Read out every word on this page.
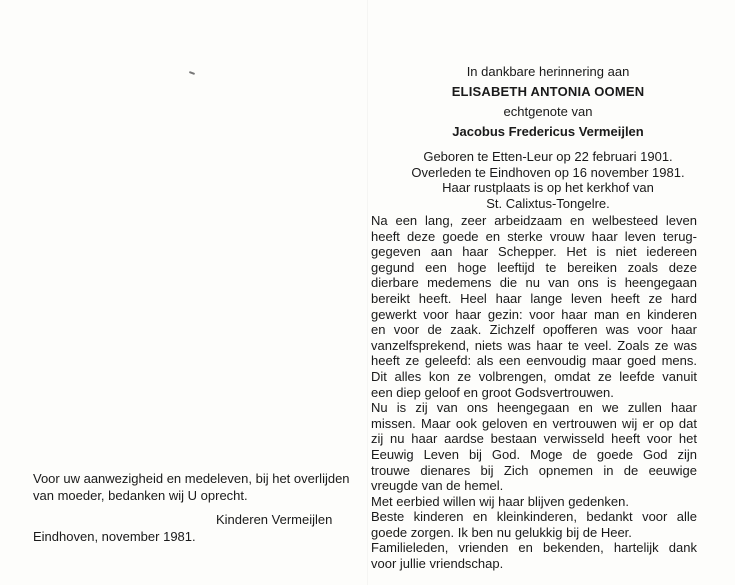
Voor uw aanwezigheid en medeleven, bij het overlijden
van moeder, bedanken wij U oprecht.
Kinderen Vermeijlen
Eindhoven, november 1981.
In dankbare herinnering aan
ELISABETH ANTONIA OOMEN
echtgenote van
Jacobus Fredericus Vermeijlen
Geboren te Etten-Leur op 22 februari 1901.
Overleden te Eindhoven op 16 november 1981.
Haar rustplaats is op het kerkhof van
St. Calixtus-Tongelre.
Na een lang, zeer arbeidzaam en welbesteed leven
heeft deze goede en sterke vrouw haar leven terug-
gegeven aan haar Schepper. Het is niet iedereen
gegund een hoge leeftijd te bereiken zoals deze
dierbare medemens die nu van ons is heengegaan
bereikt heeft. Heel haar lange leven heeft ze hard
gewerkt voor haar gezin: voor haar man en kinderen
en voor de zaak. Zichzelf opofferen was voor haar
vanzelfsprekend, niets was haar te veel. Zoals ze was
heeft ze geleefd: als een eenvoudig maar goed mens.
Dit alles kon ze volbrengen, omdat ze leefde vanuit
een diep geloof en groot Godsvertrouwen.
Nu is zij van ons heengegaan en we zullen haar
missen. Maar ook geloven en vertrouwen wij er op dat
zij nu haar aardse bestaan verwisseld heeft voor het
Eeuwig Leven bij God. Moge de goede God zijn
trouwe dienares bij Zich opnemen in de eeuwige
vreugde van de hemel.
Met eerbied willen wij haar blijven gedenken.
Beste kinderen en kleinkinderen, bedankt voor alle
goede zorgen. Ik ben nu gelukkig bij de Heer.
Familieleden, vrienden en bekenden, hartelijk dank
voor jullie vriendschap.
